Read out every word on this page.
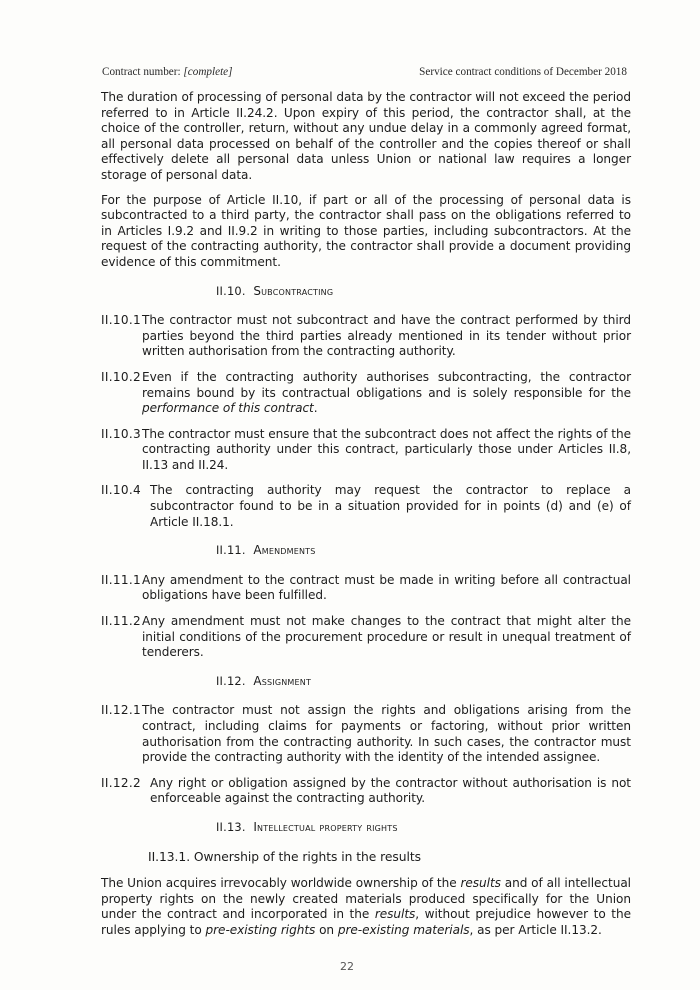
Contract number: [complete]	Service contract conditions of December 2018

The duration of processing of personal data by the contractor will not exceed the period referred to in Article II.24.2. Upon expiry of this period, the contractor shall, at the choice of the controller, return, without any undue delay in a commonly agreed format, all personal data processed on behalf of the controller and the copies thereof or shall effectively delete all personal data unless Union or national law requires a longer storage of personal data.

For the purpose of Article II.10, if part or all of the processing of personal data is subcontracted to a third party, the contractor shall pass on the obligations referred to in Articles I.9.2 and II.9.2 in writing to those parties, including subcontractors. At the request of the contracting authority, the contractor shall provide a document providing evidence of this commitment.

II.10. Subcontracting
II.10.1 The contractor must not subcontract and have the contract performed by third parties beyond the third parties already mentioned in its tender without prior written authorisation from the contracting authority.
II.10.2 Even if the contracting authority authorises subcontracting, the contractor remains bound by its contractual obligations and is solely responsible for the performance of this contract.
II.10.3 The contractor must ensure that the subcontract does not affect the rights of the contracting authority under this contract, particularly those under Articles II.8, II.13 and II.24.
II.10.4 The contracting authority may request the contractor to replace a subcontractor found to be in a situation provided for in points (d) and (e) of Article II.18.1.
II.11. Amendments
II.11.1 Any amendment to the contract must be made in writing before all contractual obligations have been fulfilled.
II.11.2 Any amendment must not make changes to the contract that might alter the initial conditions of the procurement procedure or result in unequal treatment of tenderers.
II.12. Assignment
II.12.1 The contractor must not assign the rights and obligations arising from the contract, including claims for payments or factoring, without prior written authorisation from the contracting authority. In such cases, the contractor must provide the contracting authority with the identity of the intended assignee.
II.12.2 Any right or obligation assigned by the contractor without authorisation is not enforceable against the contracting authority.
II.13. Intellectual property rights
II.13.1. Ownership of the rights in the results

The Union acquires irrevocably worldwide ownership of the results and of all intellectual property rights on the newly created materials produced specifically for the Union under the contract and incorporated in the results, without prejudice however to the rules applying to pre-existing rights on pre-existing materials, as per Article II.13.2.

22
